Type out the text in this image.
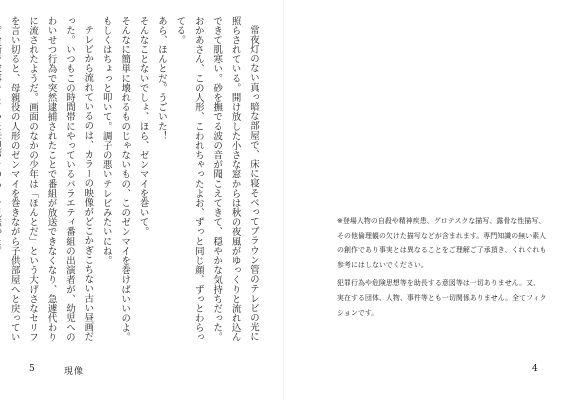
常夜灯のない真っ暗な部屋で、床に寝そべってブラウン管のテレビの光に照らされている。開け放した小さな窓からは秋の夜風がゆっくりと流れ込んできて肌寒い。砂を撫でる波の音が聞こえてきて、穏やかな気持ちだった。

おかあさん、この人形、こわれちゃったよお、ずっと同じ顔、ずっとわらってる。

あら、ほんとだ。うごいた！

そんなことないでしょ、ほら、ゼンマイを巻いて。

そんなに簡単に壊れるものじゃないもの、このゼンマイを巻けばいいのよ。もしくはちょっと叩いて。調子の悪いテレビみたいにね。

テレビから流れているのは、カラーの映像がどこかぎこちない古い昼画だった。いつもこの時間帯にやっているバラエティ番組の出演者が、幼児へのわいせつ行為で突然逮捕されたことで番組が放送できなくなり、急遽代わりに流されたようだ。画面のなかの少年は「ほんとだ」という大げさなセリフを言い切ると、母親役の人形のゼンマイを巻きながら子供部屋へと戻ってい

5	現像

※登場人物の自殺や精神疾患、グロテスクな描写、露骨な性描写、その他倫理観の欠けた描写などが含まれます。専門知識の無い素人の創作であり事実とは異なることをご理解ご了承頂き、くれぐれも参考にはしないでください。

犯罪行為や危険思想等を助長する意図等は一切ありません。又、実在する団体、人物、事件等とも一切関係ありません。全てフィクションです。

4
